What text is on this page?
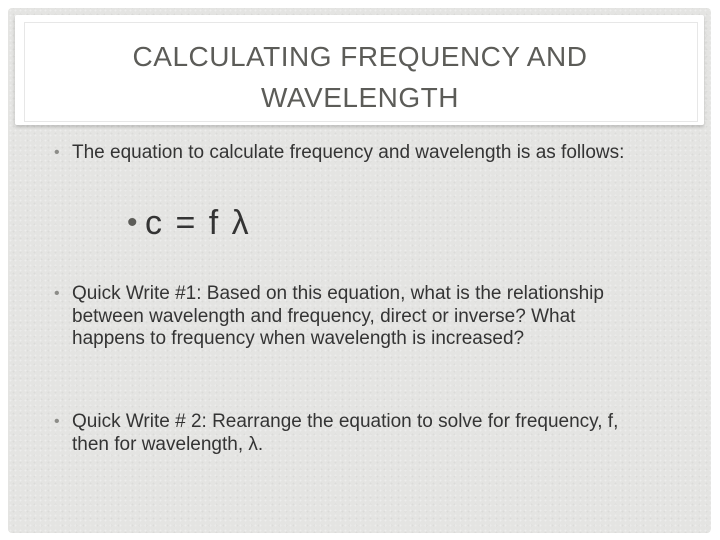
CALCULATING FREQUENCY AND
WAVELENGTH

• The equation to calculate frequency and wavelength is as follows:

• c = f λ

• Quick Write #1: Based on this equation, what is the relationship between wavelength and frequency, direct or inverse? What happens to frequency when wavelength is increased?

• Quick Write # 2: Rearrange the equation to solve for frequency, f, then for wavelength, λ.
